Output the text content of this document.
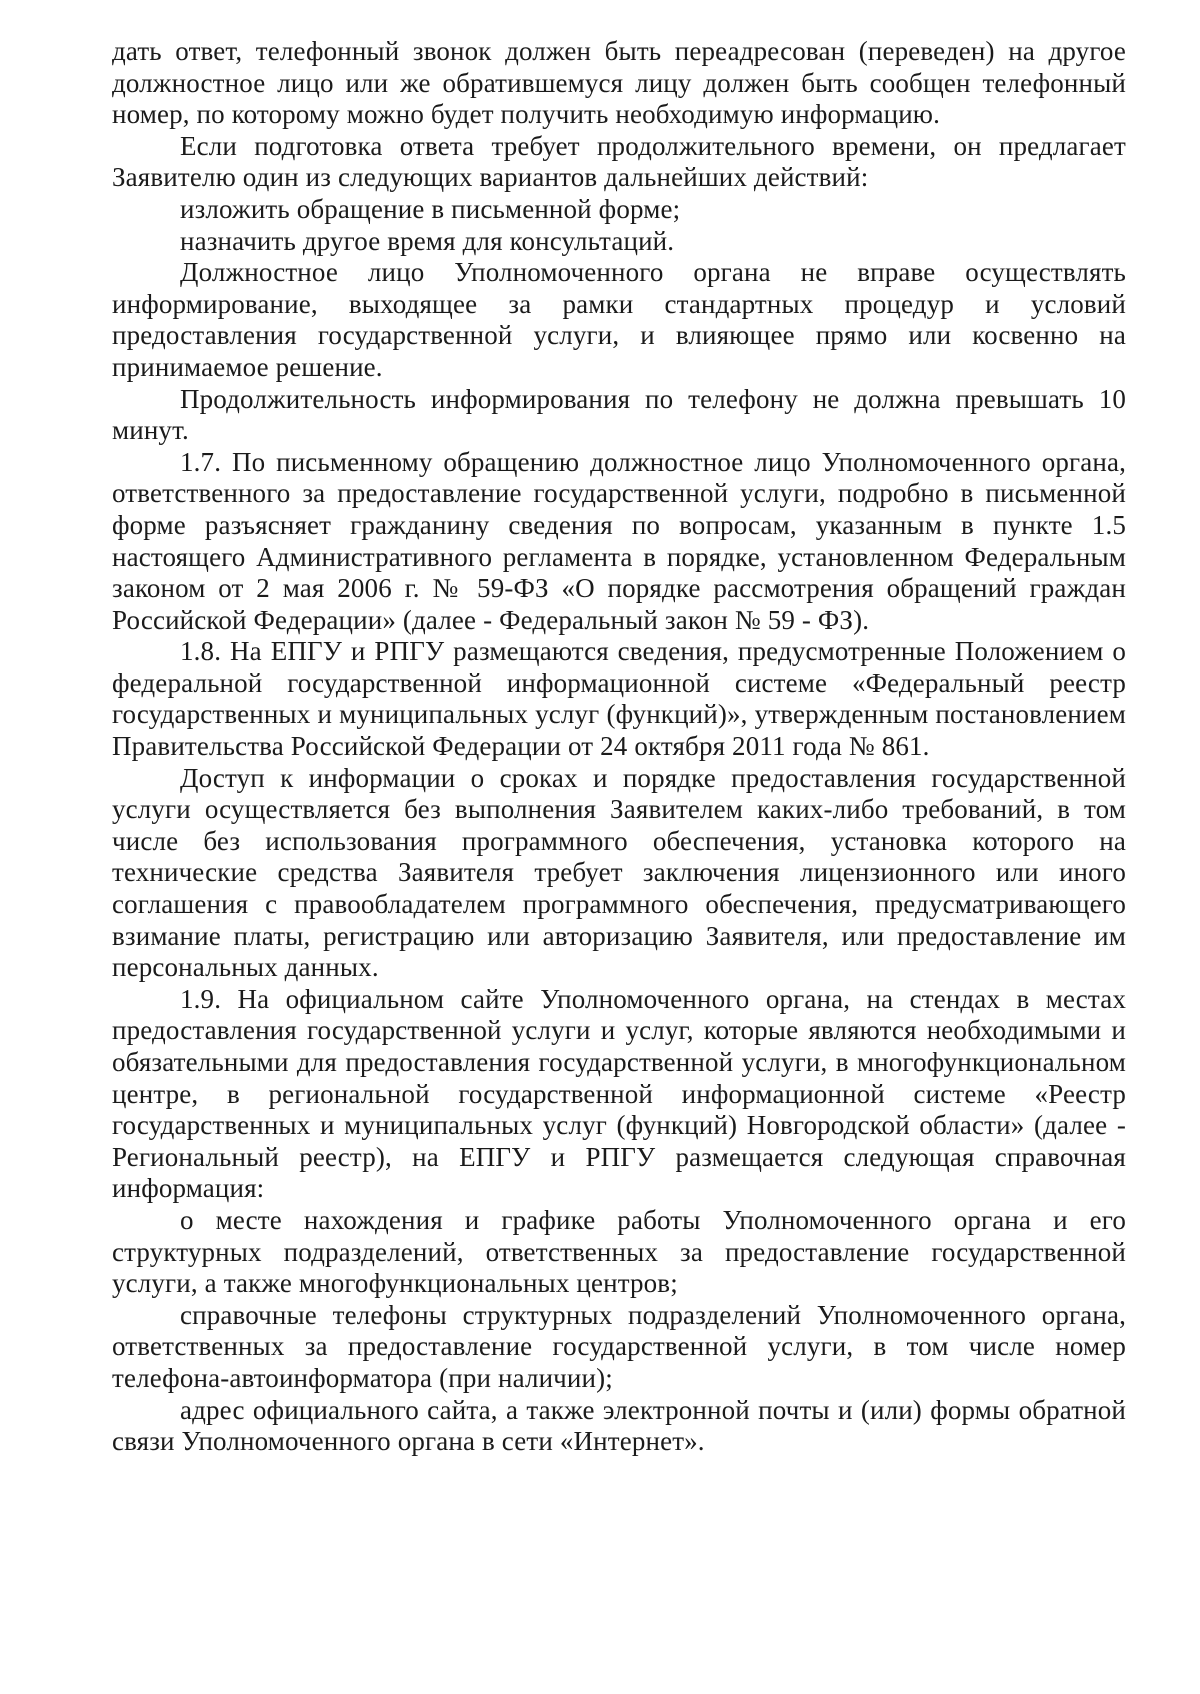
дать ответ, телефонный звонок должен быть переадресован (переведен) на другое должностное лицо или же обратившемуся лицу должен быть сообщен телефонный номер, по которому можно будет получить необходимую информацию.

Если подготовка ответа требует продолжительного времени, он предлагает Заявителю один из следующих вариантов дальнейших действий:

изложить обращение в письменной форме;

назначить другое время для консультаций.

Должностное лицо Уполномоченного органа не вправе осуществлять информирование, выходящее за рамки стандартных процедур и условий предоставления государственной услуги, и влияющее прямо или косвенно на принимаемое решение.

Продолжительность информирования по телефону не должна превышать 10 минут.

1.7. По письменному обращению должностное лицо Уполномоченного органа, ответственного за предоставление государственной услуги, подробно в письменной форме разъясняет гражданину сведения по вопросам, указанным в пункте 1.5 настоящего Административного регламента в порядке, установленном Федеральным законом от 2 мая 2006 г. № 59-ФЗ «О порядке рассмотрения обращений граждан Российской Федерации» (далее - Федеральный закон № 59 - ФЗ).

1.8. На ЕПГУ и РПГУ размещаются сведения, предусмотренные Положением о федеральной государственной информационной системе «Федеральный реестр государственных и муниципальных услуг (функций)», утвержденным постановлением Правительства Российской Федерации от 24 октября 2011 года № 861.

Доступ к информации о сроках и порядке предоставления государственной услуги осуществляется без выполнения Заявителем каких-либо требований, в том числе без использования программного обеспечения, установка которого на технические средства Заявителя требует заключения лицензионного или иного соглашения с правообладателем программного обеспечения, предусматривающего взимание платы, регистрацию или авторизацию Заявителя, или предоставление им персональных данных.

1.9. На официальном сайте Уполномоченного органа, на стендах в местах предоставления государственной услуги и услуг, которые являются необходимыми и обязательными для предоставления государственной услуги, в многофункциональном центре, в региональной государственной информационной системе «Реестр государственных и муниципальных услуг (функций) Новгородской области» (далее - Региональный реестр), на ЕПГУ и РПГУ размещается следующая справочная информация:

о месте нахождения и графике работы Уполномоченного органа и его структурных подразделений, ответственных за предоставление государственной услуги, а также многофункциональных центров;

справочные телефоны структурных подразделений Уполномоченного органа, ответственных за предоставление государственной услуги, в том числе номер телефона-автоинформатора (при наличии);

адрес официального сайта, а также электронной почты и (или) формы обратной связи Уполномоченного органа в сети «Интернет».
